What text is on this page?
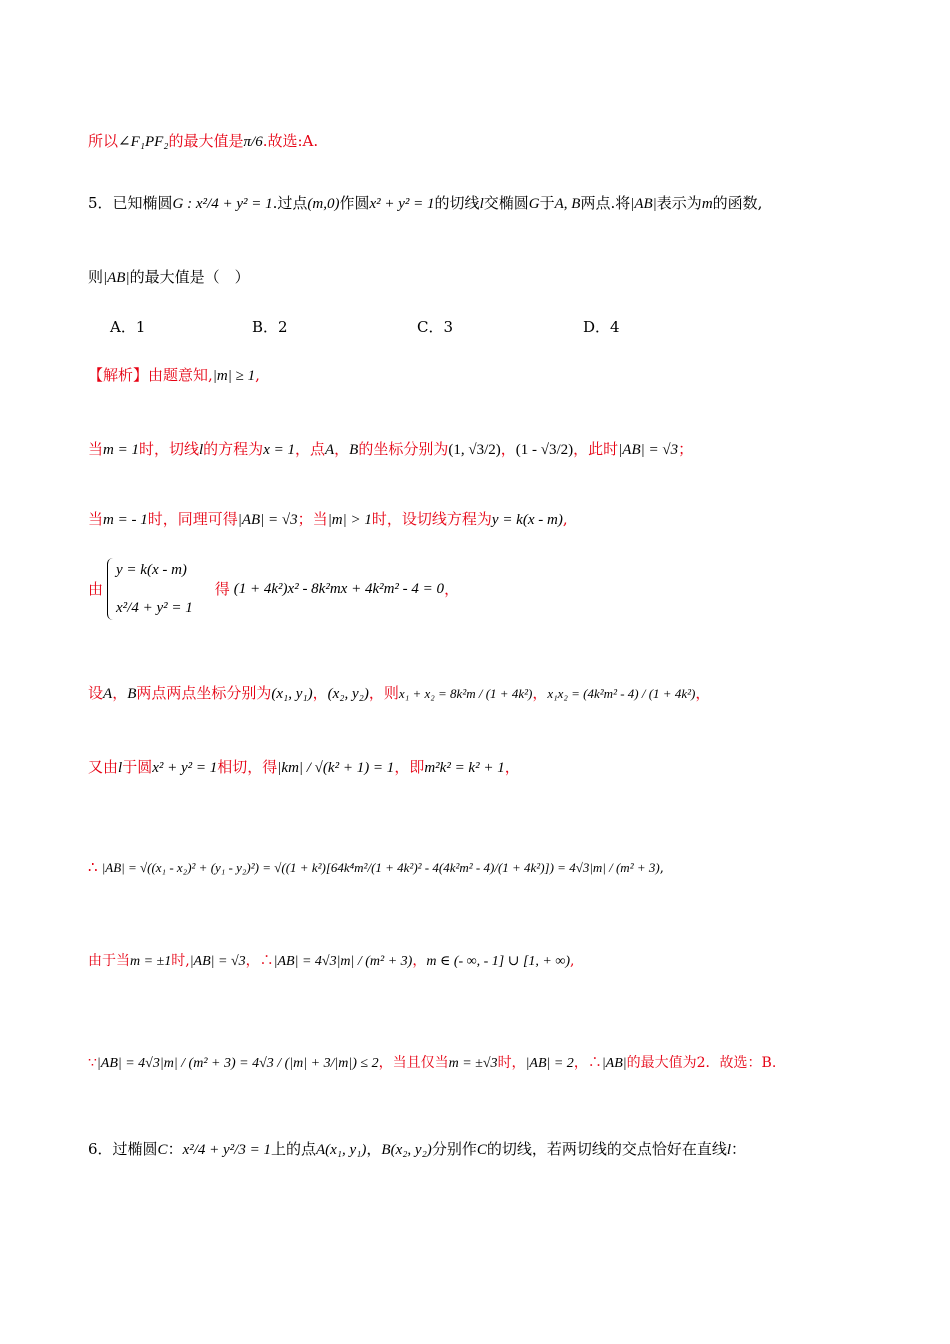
所以∠F₁PF₂的最大值是π/6.故选:A.
5．已知椭圆G : x²/4 + y² = 1.过点(m,0)作圆x² + y² = 1的切线l交椭圆G于A, B两点.将|AB|表示为m的函数,
则|AB|的最大值是（　）
A．1	B．2	C．3	D．4
【解析】由题意知,|m| ≥ 1,
当m = 1时，切线l的方程为x = 1，点A，B的坐标分别为(1, √3/2)，(1 - √3/2)，此时|AB| = √3；
当m = - 1时，同理可得|AB| = √3；当|m| > 1时，设切线方程为y = k(x - m),
由
y = k(x - m)
x²/4 + y² = 1
得 (1 + 4k²)x² - 8k²mx + 4k²m² - 4 = 0 ，
设A，B两点两点坐标分别为(x₁, y₁)，(x₂, y₂)，则x₁ + x₂ = 8k²m / (1 + 4k²)，x₁x₂ = (4k²m² - 4) / (1 + 4k²)，
又由l于圆x² + y² = 1相切，得|km| / √(k² + 1) = 1，即m²k² = k² + 1，
∴ |AB| = √((x₁ - x₂)² + (y₁ - y₂)²) = √((1 + k²)[64k⁴m²/(1 + 4k²)² - 4(4k²m² - 4)/(1 + 4k²)]) = 4√3|m| / (m² + 3),
由于当m = ±1时,|AB| = √3，∴|AB| = 4√3|m| / (m² + 3)，m ∈ (- ∞, - 1] ∪ [1, + ∞),
∵|AB| = 4√3|m| / (m² + 3) = 4√3 / (|m| + 3/|m|) ≤ 2，当且仅当m = ±√3时，|AB| = 2，∴|AB|的最大值为2．故选：B.
6．过椭圆C：x²/4 + y²/3 = 1上的点A(x₁, y₁)，B(x₂, y₂)分别作C的切线，若两切线的交点恰好在直线l：
